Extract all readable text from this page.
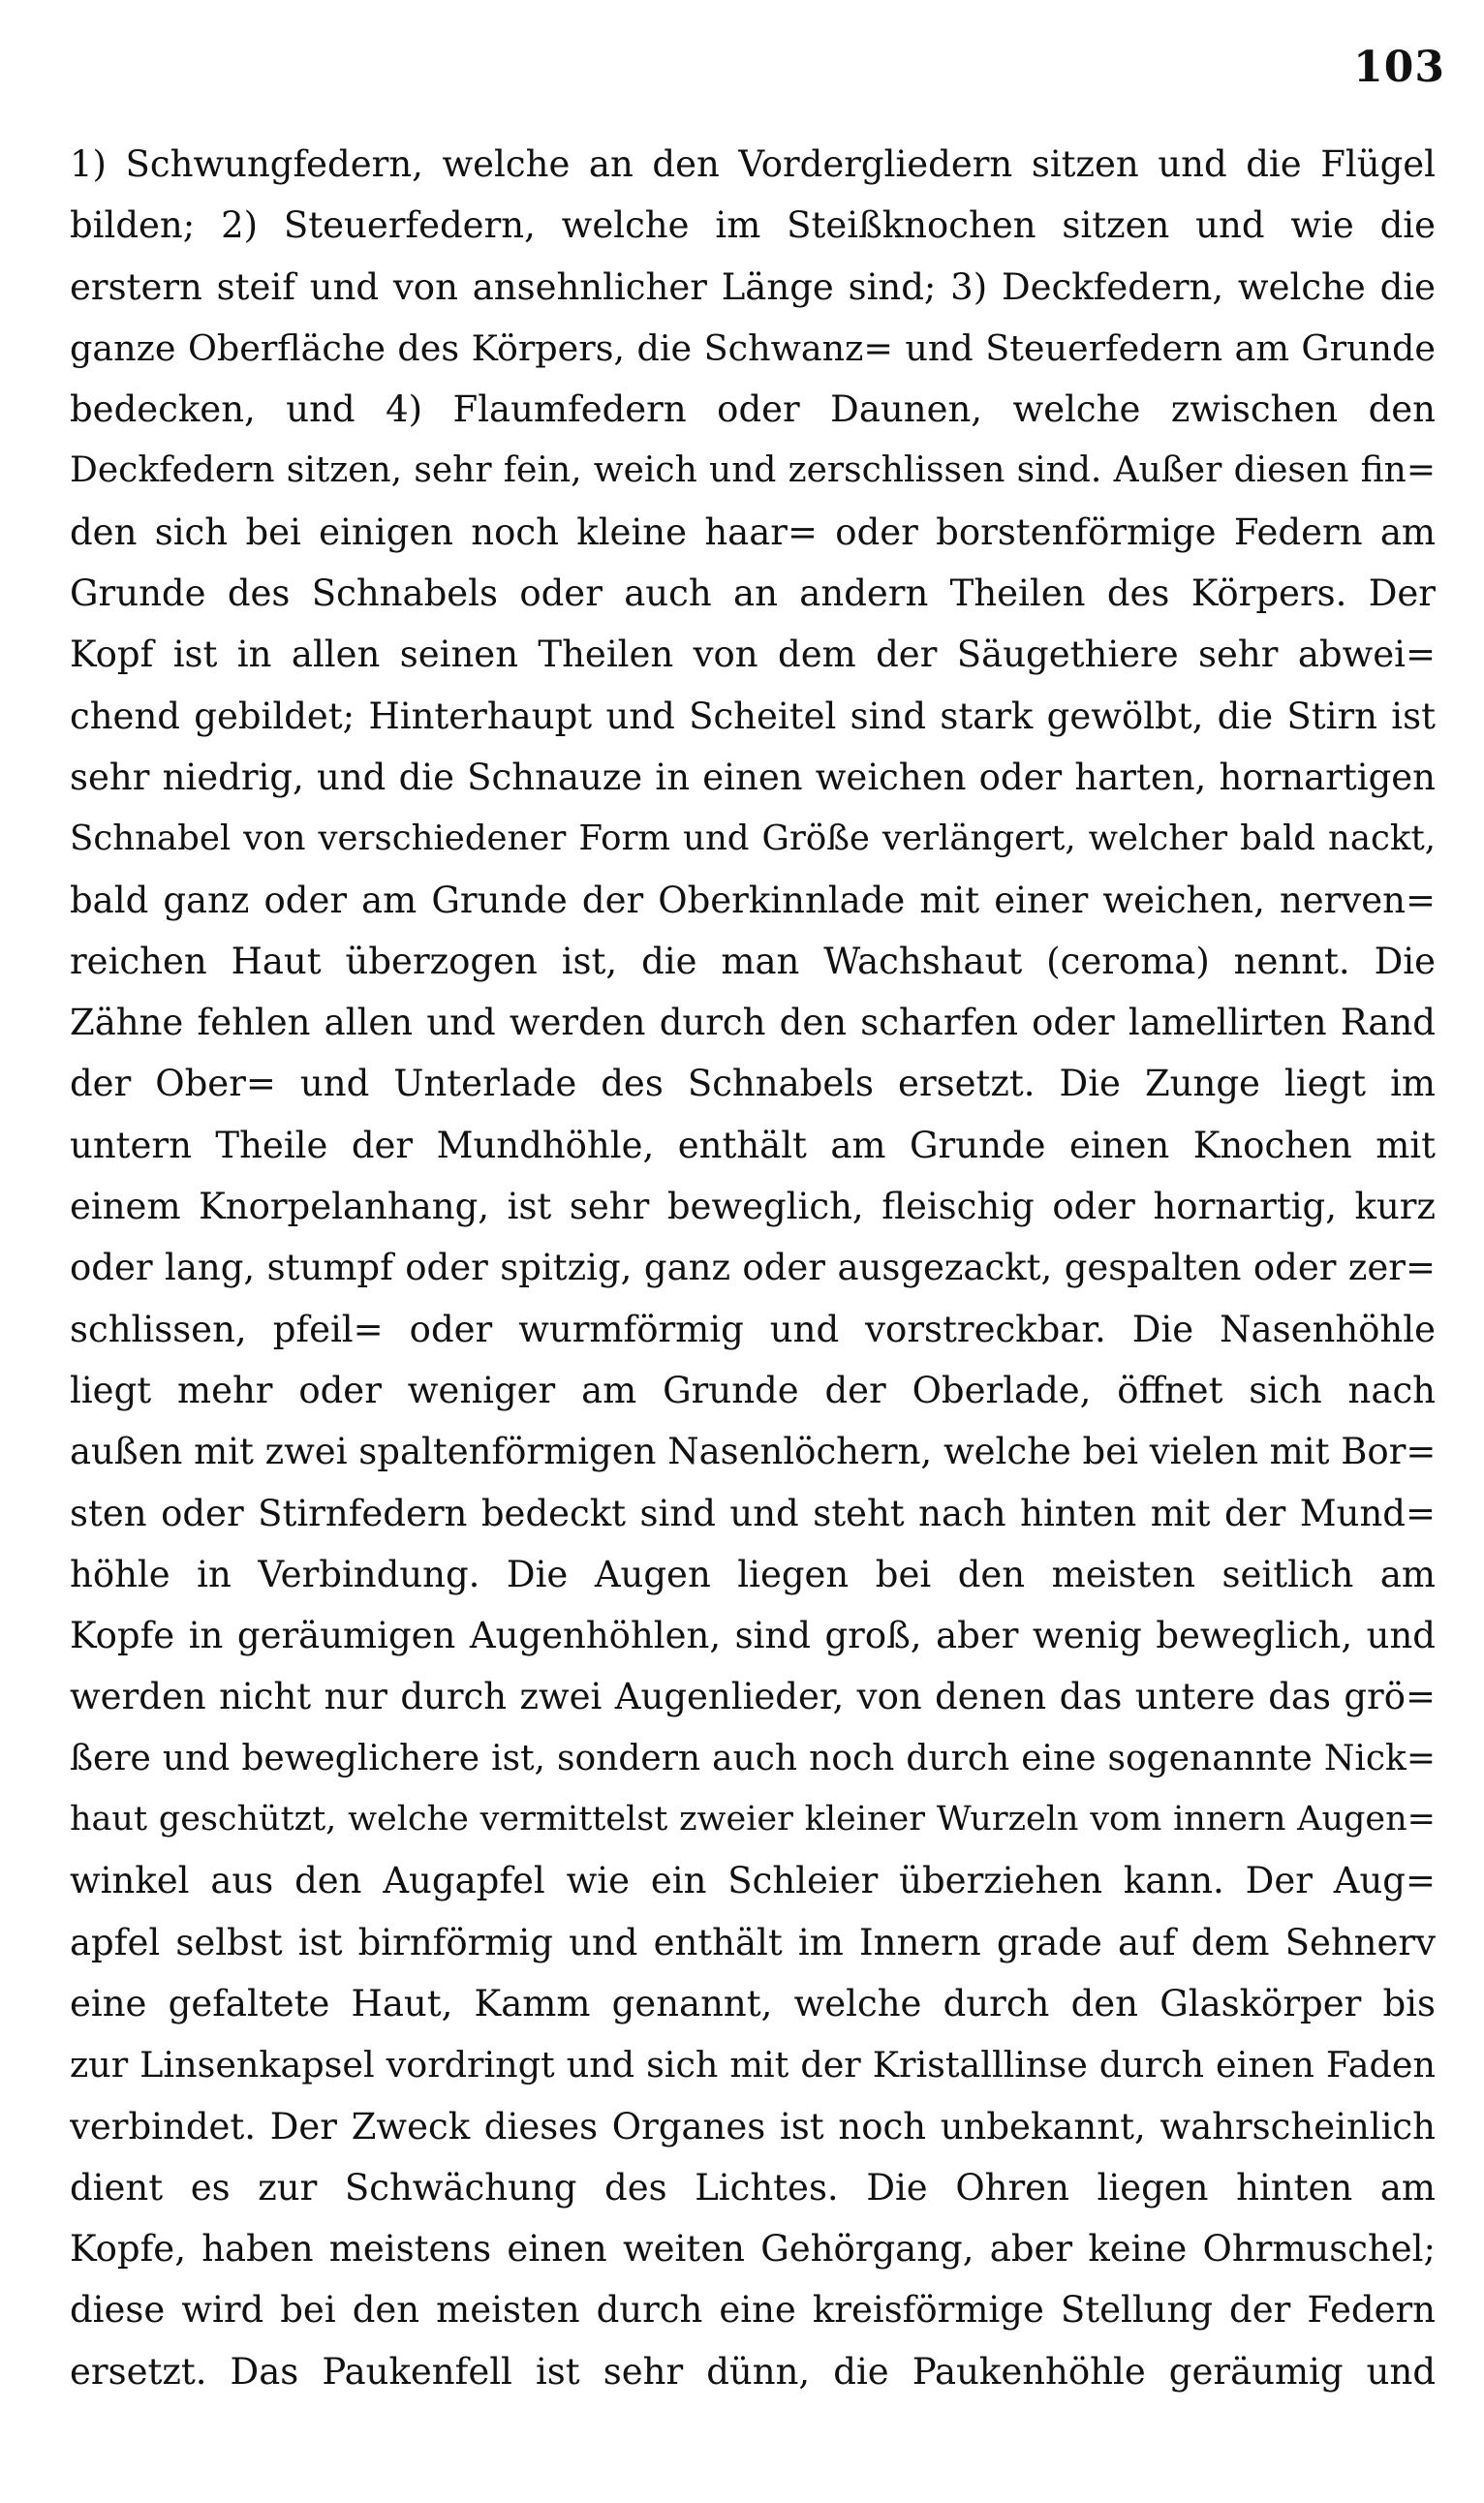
103
1) Schwungfedern, welche an den Vordergliedern sitzen und die Flügel
bilden; 2) Steuerfedern, welche im Steißknochen sitzen und wie die
erstern steif und von ansehnlicher Länge sind; 3) Deckfedern, welche die
ganze Oberfläche des Körpers, die Schwanz= und Steuerfedern am Grunde
bedecken, und 4) Flaumfedern oder Daunen, welche zwischen den
Deckfedern sitzen, sehr fein, weich und zerschlissen sind. Außer diesen fin=
den sich bei einigen noch kleine haar= oder borstenförmige Federn am
Grunde des Schnabels oder auch an andern Theilen des Körpers. Der
Kopf ist in allen seinen Theilen von dem der Säugethiere sehr abwei=
chend gebildet; Hinterhaupt und Scheitel sind stark gewölbt, die Stirn ist
sehr niedrig, und die Schnauze in einen weichen oder harten, hornartigen
Schnabel von verschiedener Form und Größe verlängert, welcher bald nackt,
bald ganz oder am Grunde der Oberkinnlade mit einer weichen, nerven=
reichen Haut überzogen ist, die man Wachshaut (ceroma) nennt. Die
Zähne fehlen allen und werden durch den scharfen oder lamellirten Rand
der Ober= und Unterlade des Schnabels ersetzt. Die Zunge liegt im
untern Theile der Mundhöhle, enthält am Grunde einen Knochen mit
einem Knorpelanhang, ist sehr beweglich, fleischig oder hornartig, kurz
oder lang, stumpf oder spitzig, ganz oder ausgezackt, gespalten oder zer=
schlissen, pfeil= oder wurmförmig und vorstreckbar. Die Nasenhöhle
liegt mehr oder weniger am Grunde der Oberlade, öffnet sich nach
außen mit zwei spaltenförmigen Nasenlöchern, welche bei vielen mit Bor=
sten oder Stirnfedern bedeckt sind und steht nach hinten mit der Mund=
höhle in Verbindung. Die Augen liegen bei den meisten seitlich am
Kopfe in geräumigen Augenhöhlen, sind groß, aber wenig beweglich, und
werden nicht nur durch zwei Augenlieder, von denen das untere das grö=
ßere und beweglichere ist, sondern auch noch durch eine sogenannte Nick=
haut geschützt, welche vermittelst zweier kleiner Wurzeln vom innern Augen=
winkel aus den Augapfel wie ein Schleier überziehen kann. Der Aug=
apfel selbst ist birnförmig und enthält im Innern grade auf dem Sehnerv
eine gefaltete Haut, Kamm genannt, welche durch den Glaskörper bis
zur Linsenkapsel vordringt und sich mit der Kristalllinse durch einen Faden
verbindet. Der Zweck dieses Organes ist noch unbekannt, wahrscheinlich
dient es zur Schwächung des Lichtes. Die Ohren liegen hinten am
Kopfe, haben meistens einen weiten Gehörgang, aber keine Ohrmuschel;
diese wird bei den meisten durch eine kreisförmige Stellung der Federn
ersetzt. Das Paukenfell ist sehr dünn, die Paukenhöhle geräumig und
